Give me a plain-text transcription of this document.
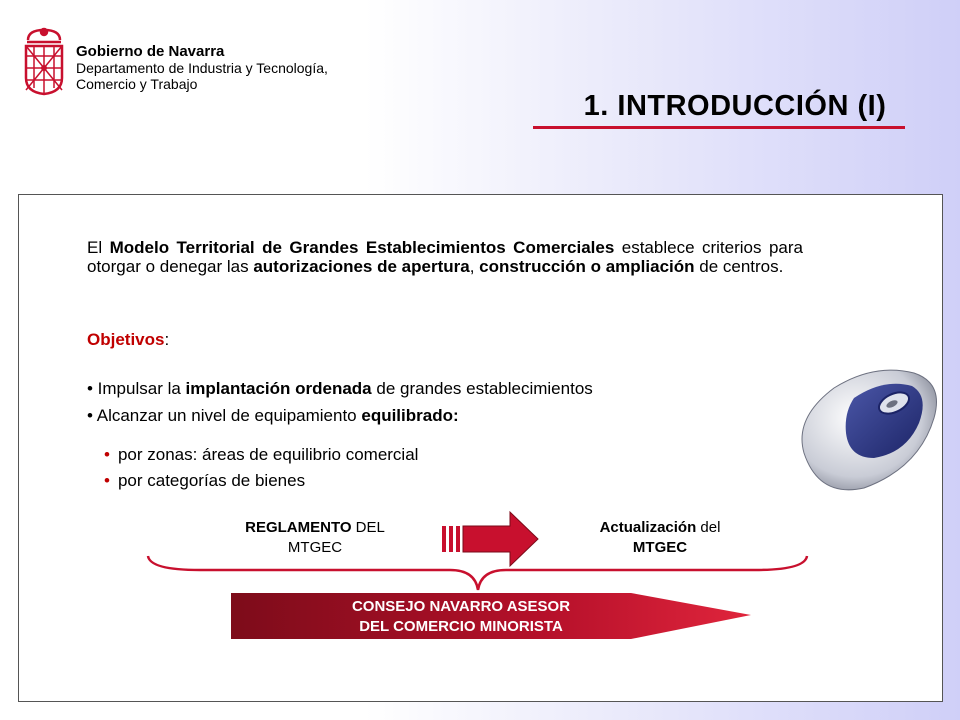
Gobierno de Navarra
Departamento de Industria y Tecnología,
Comercio y Trabajo
1. INTRODUCCIÓN (I)
El Modelo Territorial de Grandes Establecimientos Comerciales establece criterios para otorgar o denegar las autorizaciones de apertura, construcción o ampliación de centros.
Objetivos:
• Impulsar la implantación ordenada de grandes establecimientos
• Alcanzar un nivel de equipamiento equilibrado:
• por zonas: áreas de equilibrio comercial
• por categorías de bienes
REGLAMENTO DEL
MTGEC
Actualización del
MTGEC
CONSEJO NAVARRO ASESOR
DEL COMERCIO MINORISTA
